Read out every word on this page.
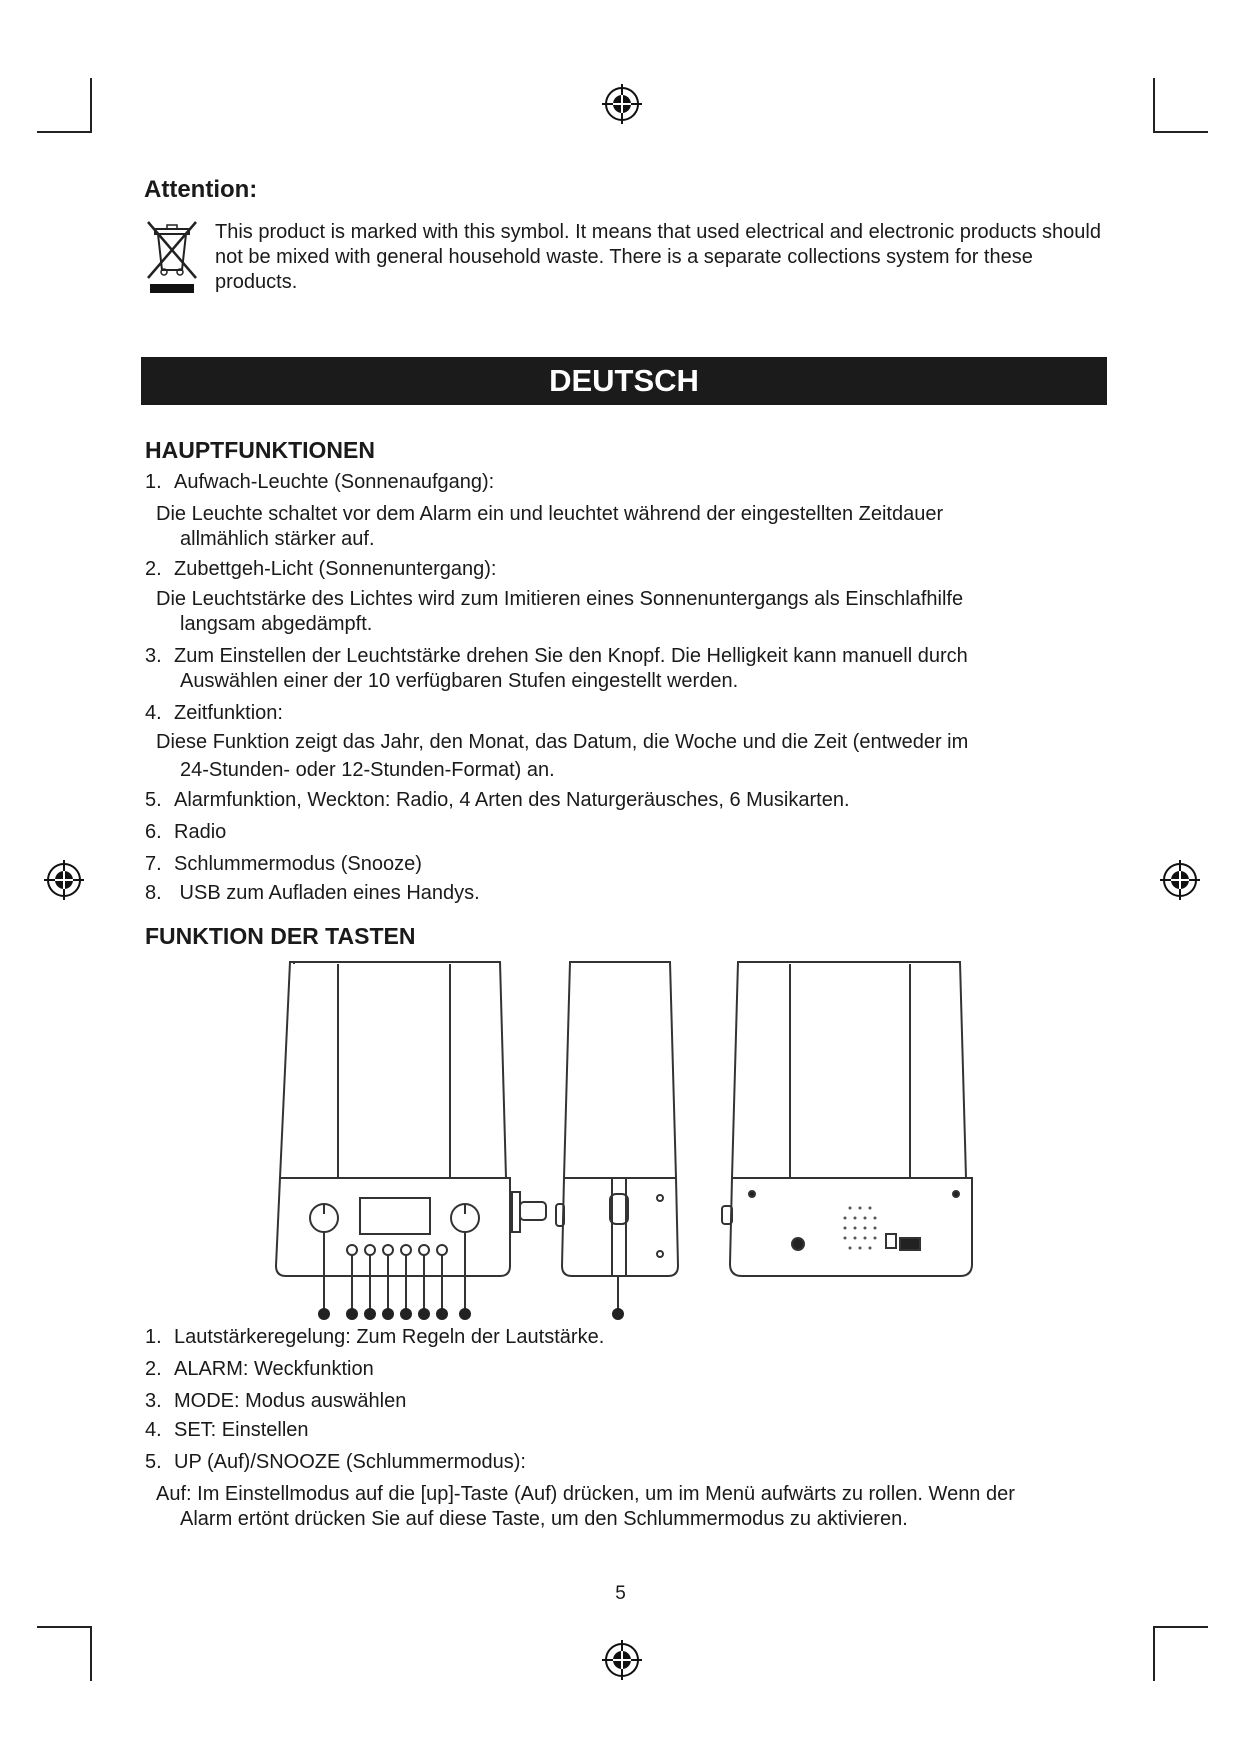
Attention:
This product is marked with this symbol. It means that used electrical and electronic products should not be mixed with general household waste. There is a separate collections system for these products.
DEUTSCH
HAUPTFUNKTIONEN
1. Aufwach-Leuchte (Sonnenaufgang):
Die Leuchte schaltet vor dem Alarm ein und leuchtet während der eingestellten Zeitdauer
allmählich stärker auf.
2. Zubettgeh-Licht (Sonnenuntergang):
Die Leuchtstärke des Lichtes wird zum Imitieren eines Sonnenuntergangs als Einschlafhilfe
langsam abgedämpft.
3. Zum Einstellen der Leuchtstärke drehen Sie den Knopf. Die Helligkeit kann manuell durch
Auswählen einer der 10 verfügbaren Stufen eingestellt werden.
4. Zeitfunktion:
Diese Funktion zeigt das Jahr, den Monat, das Datum, die Woche und die Zeit (entweder im
24-Stunden- oder 12-Stunden-Format) an.
5. Alarmfunktion, Weckton: Radio, 4 Arten des Naturgeräusches, 6 Musikarten.
6. Radio
7. Schlummermodus (Snooze)
8. USB zum Aufladen eines Handys.
FUNKTION DER TASTEN
1. Lautstärkeregelung: Zum Regeln der Lautstärke.
2. ALARM: Weckfunktion
3. MODE: Modus auswählen
4. SET: Einstellen
5. UP (Auf)/SNOOZE (Schlummermodus):
Auf: Im Einstellmodus auf die [up]-Taste (Auf) drücken, um im Menü aufwärts zu rollen. Wenn der
Alarm ertönt drücken Sie auf diese Taste, um den Schlummermodus zu aktivieren.
5
